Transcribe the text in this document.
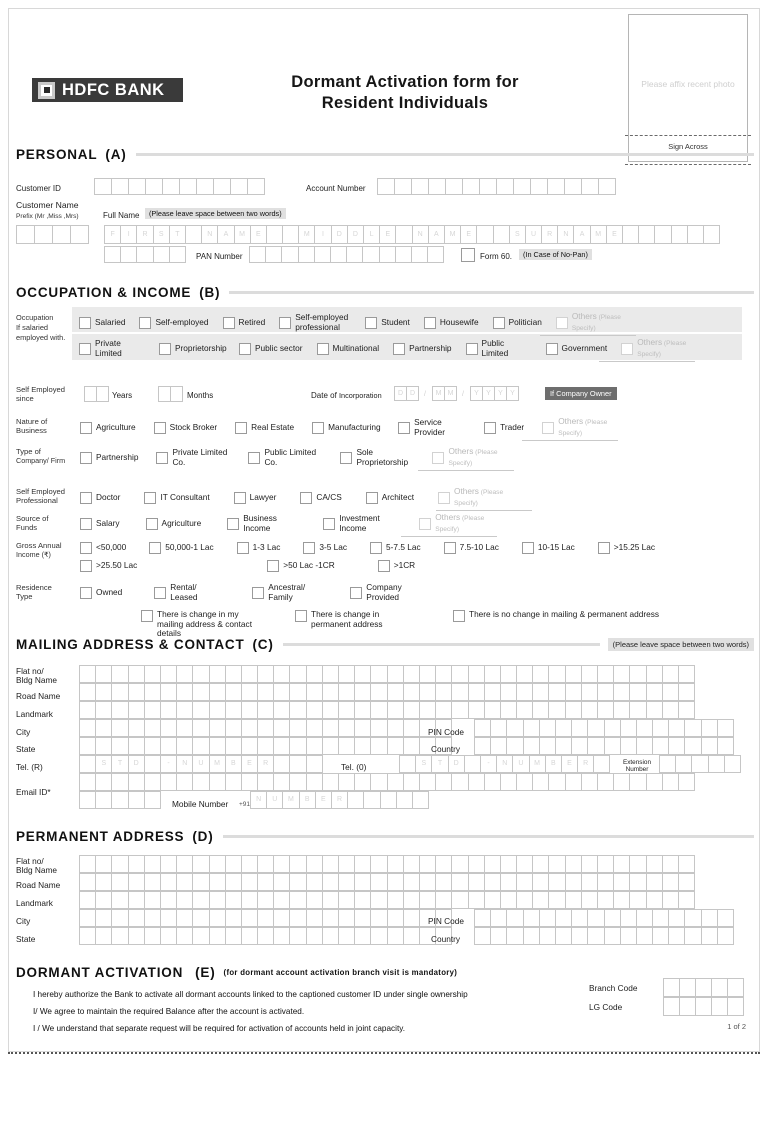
HDFC BANK	Dormant Activation form for
Resident Individuals
Please affix recent photo
Sign Across
PERSONAL (A)
Customer ID	Account Number
Customer Name
Prefix (Mr ,Miss ,Mrs)	Full Name	(Please leave space between two words)
F	I	R	S	T	N	A	M	E	M	I	D	D	L	E	N	A	M	E	S	U	R	N	A	M	E
PAN Number	Form 60.	(In Case of No-Pan)
OCCUPATION & INCOME (B)
Occupation
If salaried
employed with.
Salaried	Self-employed	Retired	Self-employed professional	Student	Housewife	Politician
Others (Please Specify)
Private Limited	Proprietorship	Public sector	Multinational	Partnership	Public Limited	Government
Others (Please Specify)
Self Employed
since	Years	Months	Date of Incorporation	D D	/	M M	/	Y	Y	Y	Y	If Company Owner
Nature of
Business	Agriculture	Stock Broker	Real Estate	Manufacturing	Service Provider	Trader
Others (Please Specify)
Type of
Company/ Firm	Partnership	Private Limited Co.
Public Limited Co.
Sole Proprietorship
Others (Please Specify)
Self Employed
Professional	Doctor	IT Consultant	Lawyer	CA/CS	Architect
Others (Please Specify)
Source of
Funds	Salary	Agriculture	Business Income
Investment Income
Others (Please Specify)
Gross Annual
Income (₹)
<50,000	50,000-1 Lac	1-3 Lac	3-5 Lac	5-7.5 Lac	7.5-10 Lac	10-15 Lac	>15.25 Lac
>25.50 Lac	>50 Lac -1CR	>1CR
Residence
Type	Owned	Rental/ Leased
Ancestral/ Family
Company Provided
There is change in my mailing address & contact details
There is change in permanent address
There is no change in mailing & permanent address
MAILING ADDRESS & CONTACT (C)	(Please leave space between two words)
Flat no/
Bldg Name
Road Name
Landmark
City	PIN Code
State	Country
Tel. (R)	S	T	D	-	N	U	M	B	E	R	Tel. (0)	S	T	D	-	N	U	M	B	E	R	Extension
Number
Email ID*
Mobile Number +91
N	U	M	B	E	R
PERMANENT ADDRESS (D)
Flat no/
Bldg Name
Road Name
Landmark
City	PIN Code
State	Country
DORMANT ACTIVATION (E) (for dormant account activation branch visit is mandatory)
I hereby authorize the Bank to activate all dormant accounts linked to the captioned customer ID under single ownership
I/ We agree to maintain the required Balance after the account is activated.
I / We understand that separate request will be required for activation of accounts held in joint capacity.
Branch Code
LG Code
1 of 2
